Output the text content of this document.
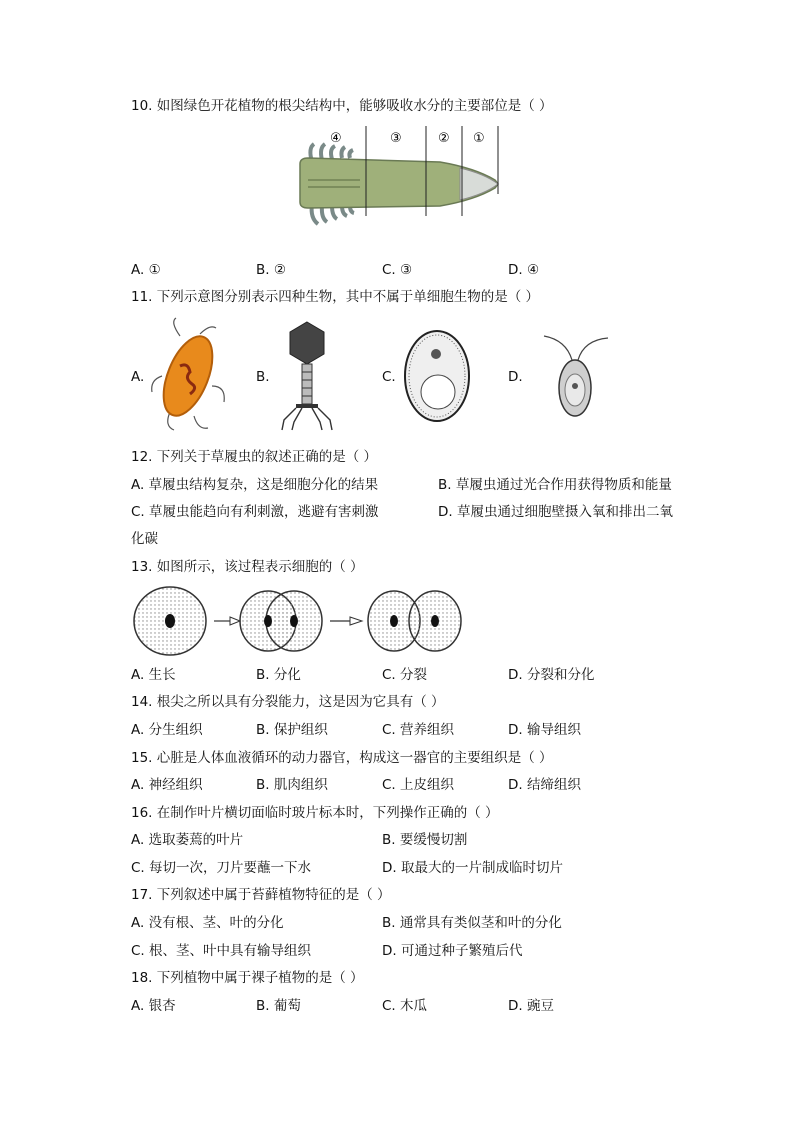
10. 如图绿色开花植物的根尖结构中，能够吸收水分的主要部位是（ ）
④	③	② ①
A. ①	B. ②	C. ③	D. ④
11. 下列示意图分别表示四种生物，其中不属于单细胞生物的是（ ）
A.	B.	C.	D.
12. 下列关于草履虫的叙述正确的是（ ）
A. 草履虫结构复杂，这是细胞分化的结果	B. 草履虫通过光合作用获得物质和能量
C. 草履虫能趋向有利刺激，逃避有害刺激	D. 草履虫通过细胞壁摄入氧和排出二氧
化碳
13. 如图所示，该过程表示细胞的（ ）
A. 生长	B. 分化	C. 分裂	D. 分裂和分化
14. 根尖之所以具有分裂能力，这是因为它具有（ ）
A. 分生组织	B. 保护组织	C. 营养组织	D. 输导组织
15. 心脏是人体血液循环的动力器官，构成这一器官的主要组织是（ ）
A. 神经组织	B. 肌肉组织	C. 上皮组织	D. 结缔组织
16. 在制作叶片横切面临时玻片标本时，下列操作正确的（ ）
A. 选取萎蔫的叶片	B. 要缓慢切割
C. 每切一次，刀片要蘸一下水	D. 取最大的一片制成临时切片
17. 下列叙述中属于苔藓植物特征的是（ ）
A. 没有根、茎、叶的分化	B. 通常具有类似茎和叶的分化
C. 根、茎、叶中具有输导组织	D. 可通过种子繁殖后代
18. 下列植物中属于裸子植物的是（ ）
A. 银杏	B. 葡萄	C. 木瓜	D. 豌豆
